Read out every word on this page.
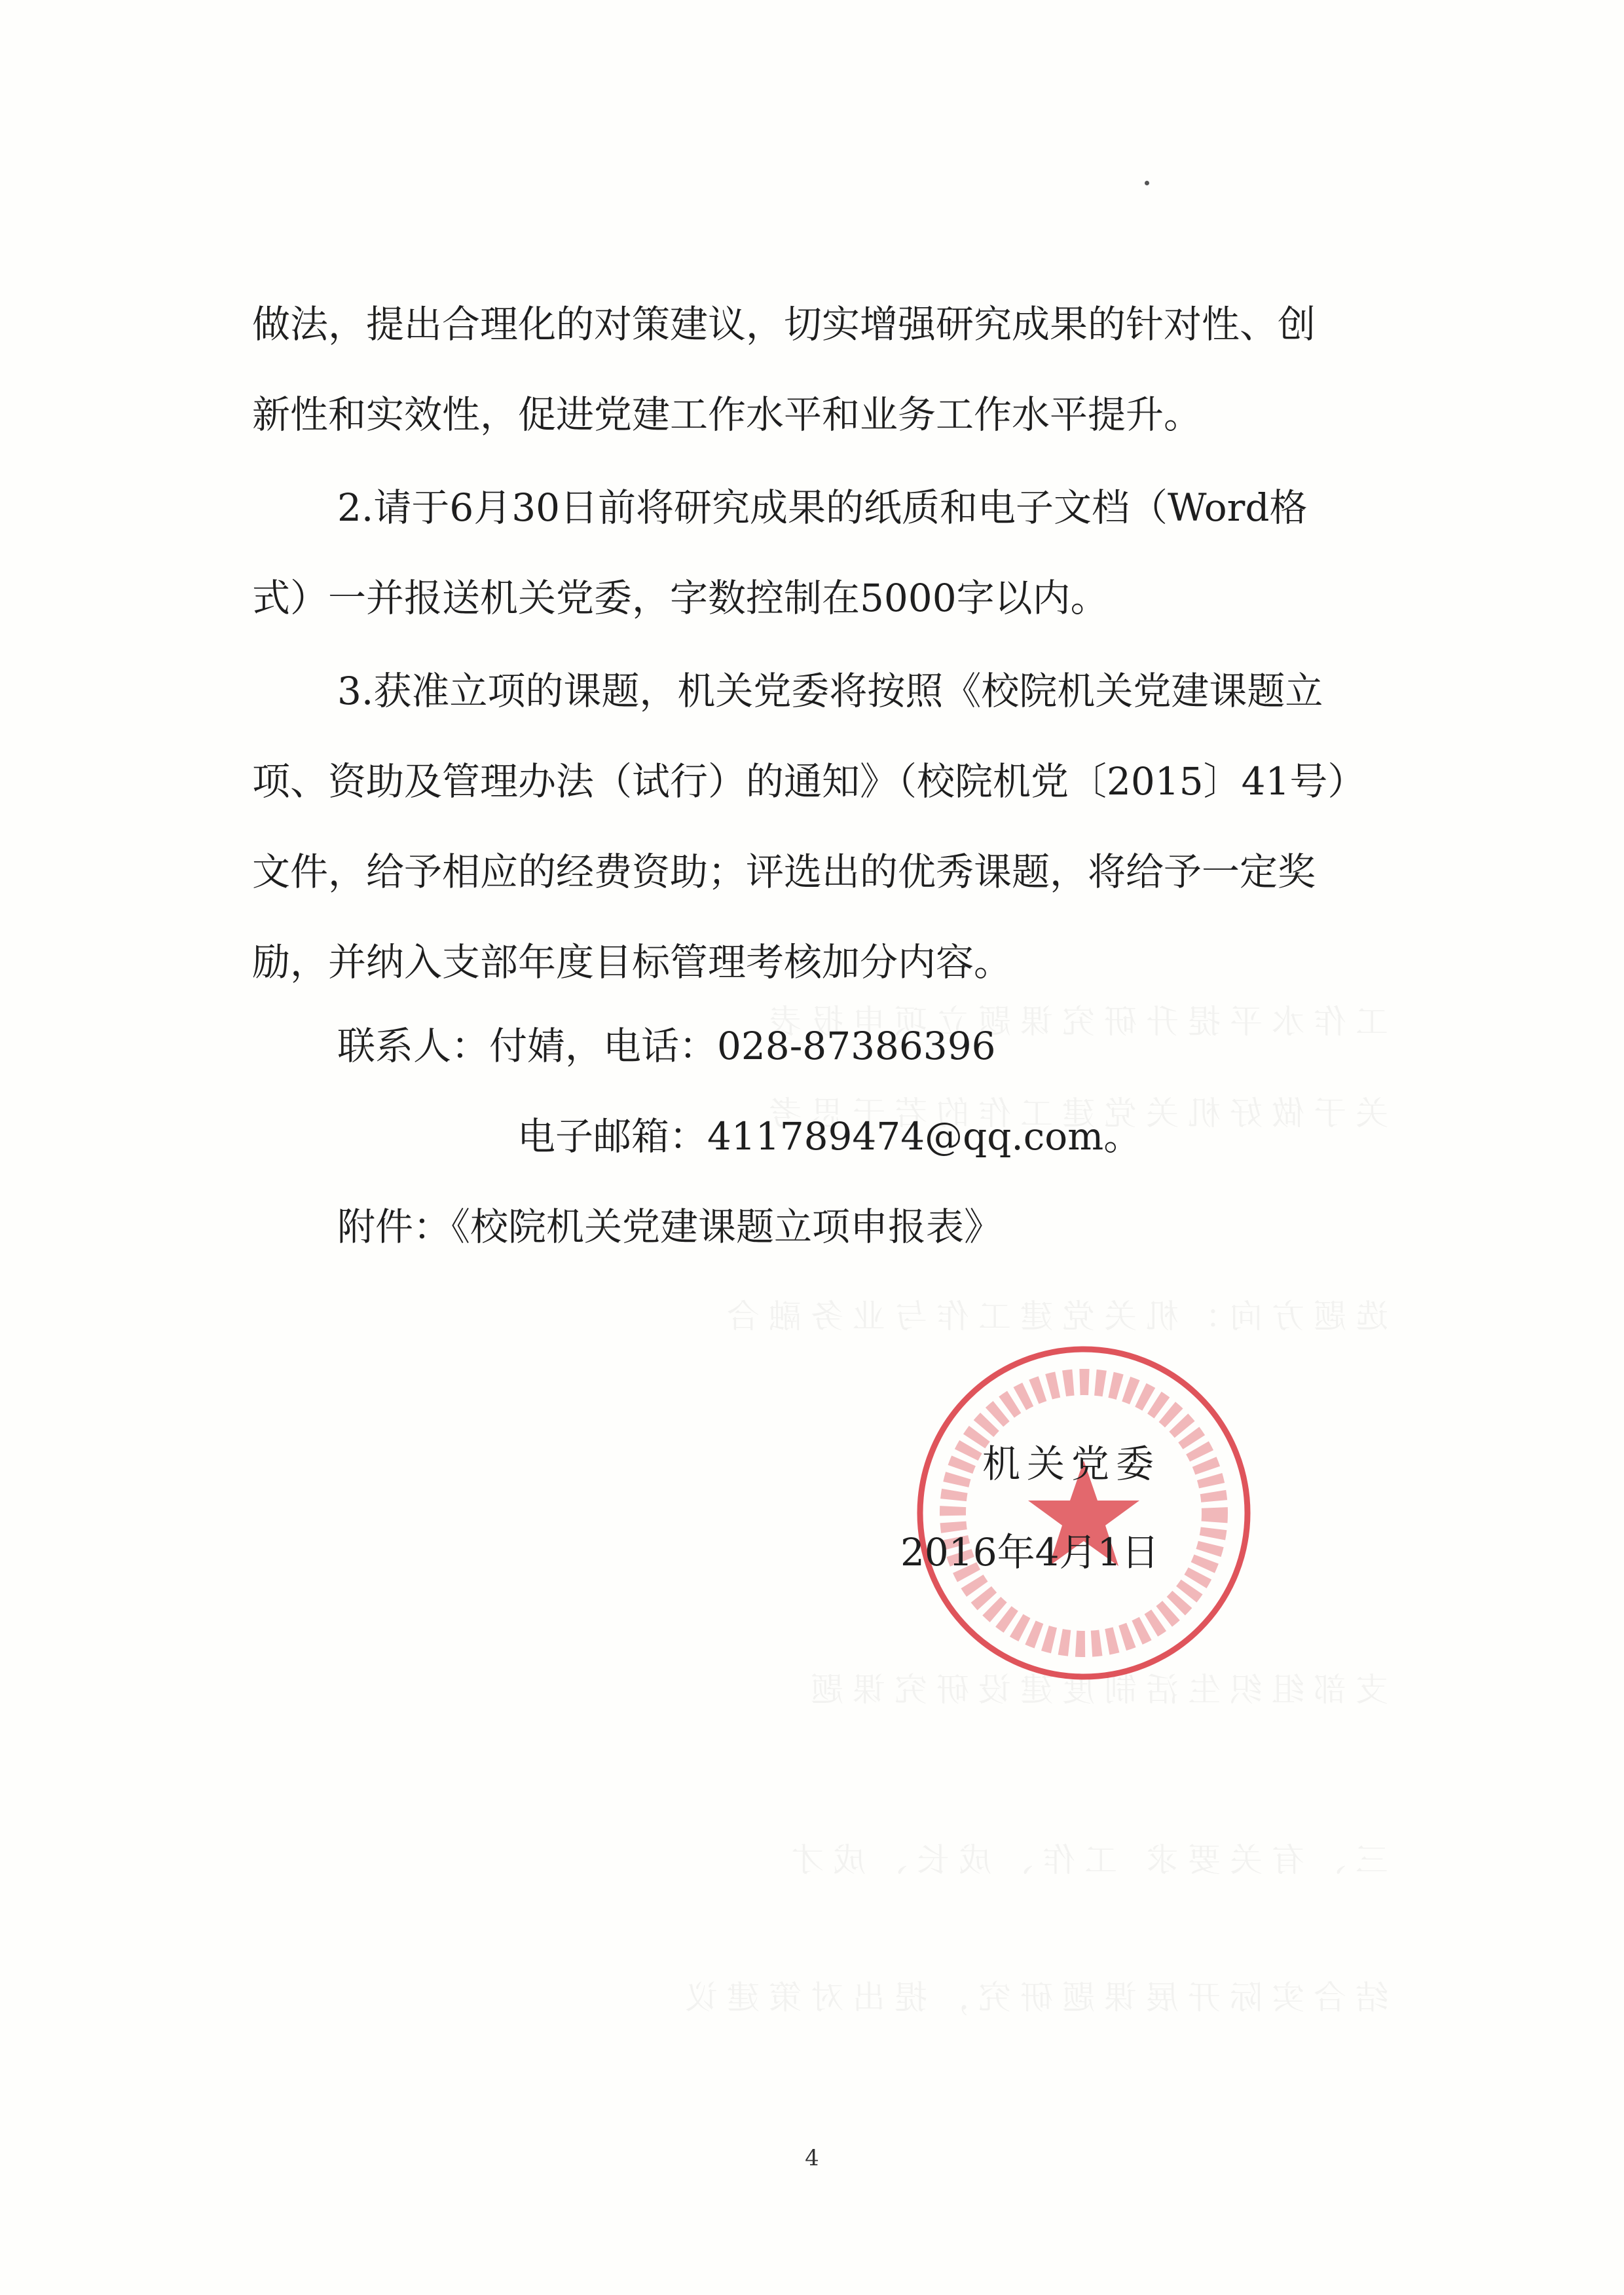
工作水平提升研究课题立项申报表
关于做好机关党建工作的若干思考
选题方向：机关党建工作与业务融合
支部组织生活制度建设研究课题
三、有关要求 工作、成长、成才
结合实际开展课题研究，提出对策建议
做法，提出合理化的对策建议，切实增强研究成果的针对性、创
新性和实效性，促进党建工作水平和业务工作水平提升。
2.请于6月30日前将研究成果的纸质和电子文档（Word格
式）一并报送机关党委，字数控制在5000字以内。
3.获准立项的课题，机关党委将按照《校院机关党建课题立
项、资助及管理办法（试行）的通知》（校院机党〔2015〕41号）
文件，给予相应的经费资助；评选出的优秀课题，将给予一定奖
励，并纳入支部年度目标管理考核加分内容。
联系人：付婧，电话：028-87386396
电子邮箱：411789474@qq.com。
附件：《校院机关党建课题立项申报表》
机关党委
2016年4月1日
4
